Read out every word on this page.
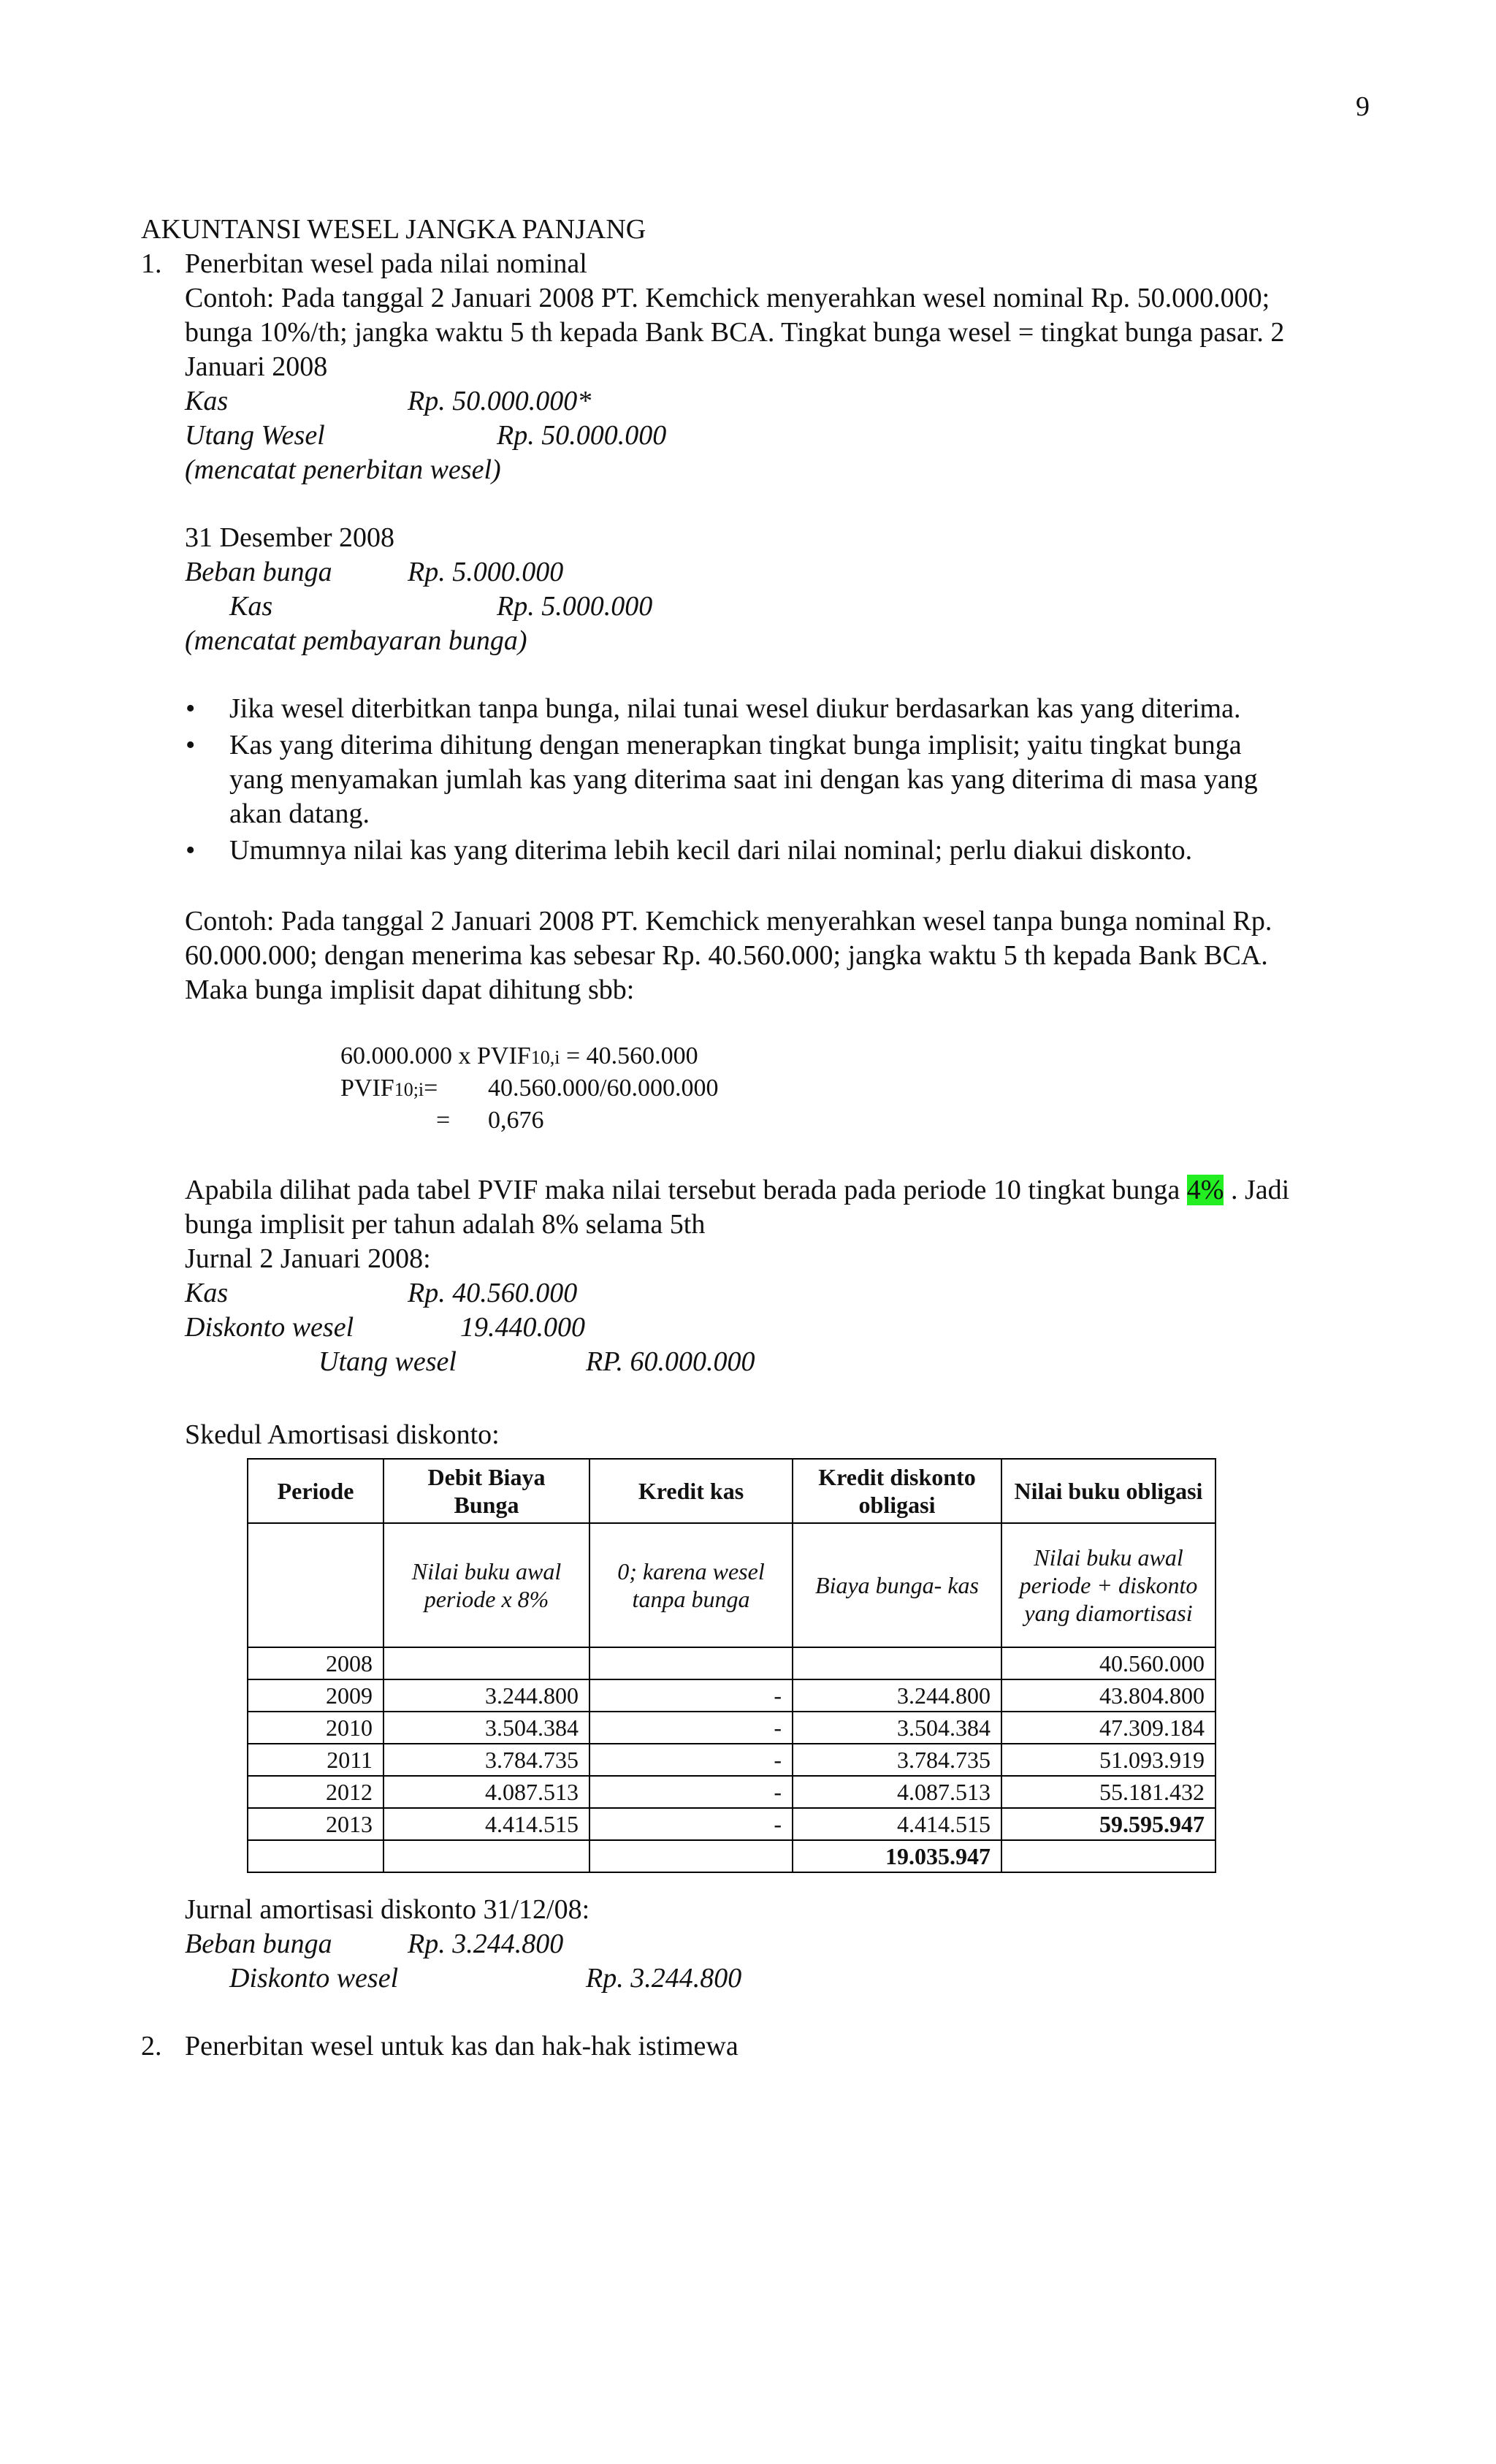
9
AKUNTANSI WESEL JANGKA PANJANG
1. Penerbitan wesel pada nilai nominal
Contoh: Pada tanggal 2 Januari 2008 PT. Kemchick menyerahkan wesel nominal Rp. 50.000.000;
bunga 10%/th; jangka waktu 5 th kepada Bank BCA. Tingkat bunga wesel = tingkat bunga pasar. 2
Januari 2008
Kas	Rp. 50.000.000*
Utang Wesel	Rp. 50.000.000
(mencatat penerbitan wesel)
31 Desember 2008
Beban bunga	Rp. 5.000.000
Kas	Rp. 5.000.000
(mencatat pembayaran bunga)
• Jika wesel diterbitkan tanpa bunga, nilai tunai wesel diukur berdasarkan kas yang diterima.
• Kas yang diterima dihitung dengan menerapkan tingkat bunga implisit; yaitu tingkat bunga
yang menyamakan jumlah kas yang diterima saat ini dengan kas yang diterima di masa yang
akan datang.
• Umumnya nilai kas yang diterima lebih kecil dari nilai nominal; perlu diakui diskonto.
Contoh: Pada tanggal 2 Januari 2008 PT. Kemchick menyerahkan wesel tanpa bunga nominal Rp.
60.000.000; dengan menerima kas sebesar Rp. 40.560.000; jangka waktu 5 th kepada Bank BCA.
Maka bunga implisit dapat dihitung sbb:
60.000.000 x PVIF10,i = 40.560.000
PVIF10;i= 40.560.000/60.000.000
= 0,676
Apabila dilihat pada tabel PVIF maka nilai tersebut berada pada periode 10 tingkat bunga 4% . Jadi
bunga implisit per tahun adalah 8% selama 5th
Jurnal 2 Januari 2008:
Kas	Rp. 40.560.000
Diskonto wesel	19.440.000
Utang wesel	RP. 60.000.000
Skedul Amortisasi diskonto:
Periode	Debit Biaya Bunga	Kredit kas	Kredit diskonto obligasi	Nilai buku obligasi
	Nilai buku awal periode x 8%	0; karena wesel tanpa bunga	Biaya bunga- kas	Nilai buku awal periode + diskonto yang diamortisasi
2008				40.560.000
2009	3.244.800	-	3.244.800	43.804.800
2010	3.504.384	-	3.504.384	47.309.184
2011	3.784.735	-	3.784.735	51.093.919
2012	4.087.513	-	4.087.513	55.181.432
2013	4.414.515	-	4.414.515	59.595.947
			19.035.947	
Jurnal amortisasi diskonto 31/12/08:
Beban bunga	Rp. 3.244.800
Diskonto wesel	Rp. 3.244.800
2. Penerbitan wesel untuk kas dan hak-hak istimewa
